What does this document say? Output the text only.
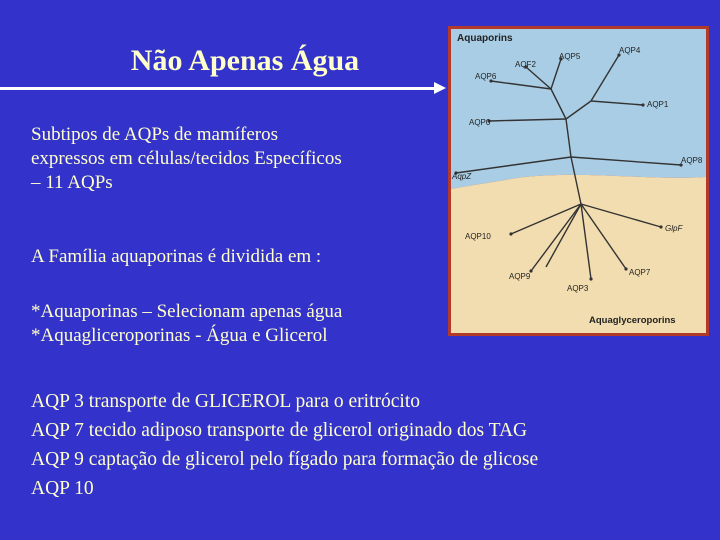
Não Apenas Água
Subtipos de AQPs de mamíferos
expressos em células/tecidos Específicos
– 11 AQPs
A Família aquaporinas é dividida em :
*Aquaporinas – Selecionam apenas água
*Aquagliceroporinas - Água e Glicerol
AQP 3 transporte de GLICEROL para o eritrócito
AQP 7 tecido adiposo transporte de glicerol originado dos TAG
AQP 9 captação de glicerol pelo fígado para formação de glicose
AQP 10
Aquaporins
AQP4
AQP5
AQF2
AQP6
AQP1
AQP0
AQP8
AqpZ
GlpF
AQP10
AQP9	AQP7
AQP3
Aquaglyceroporins
